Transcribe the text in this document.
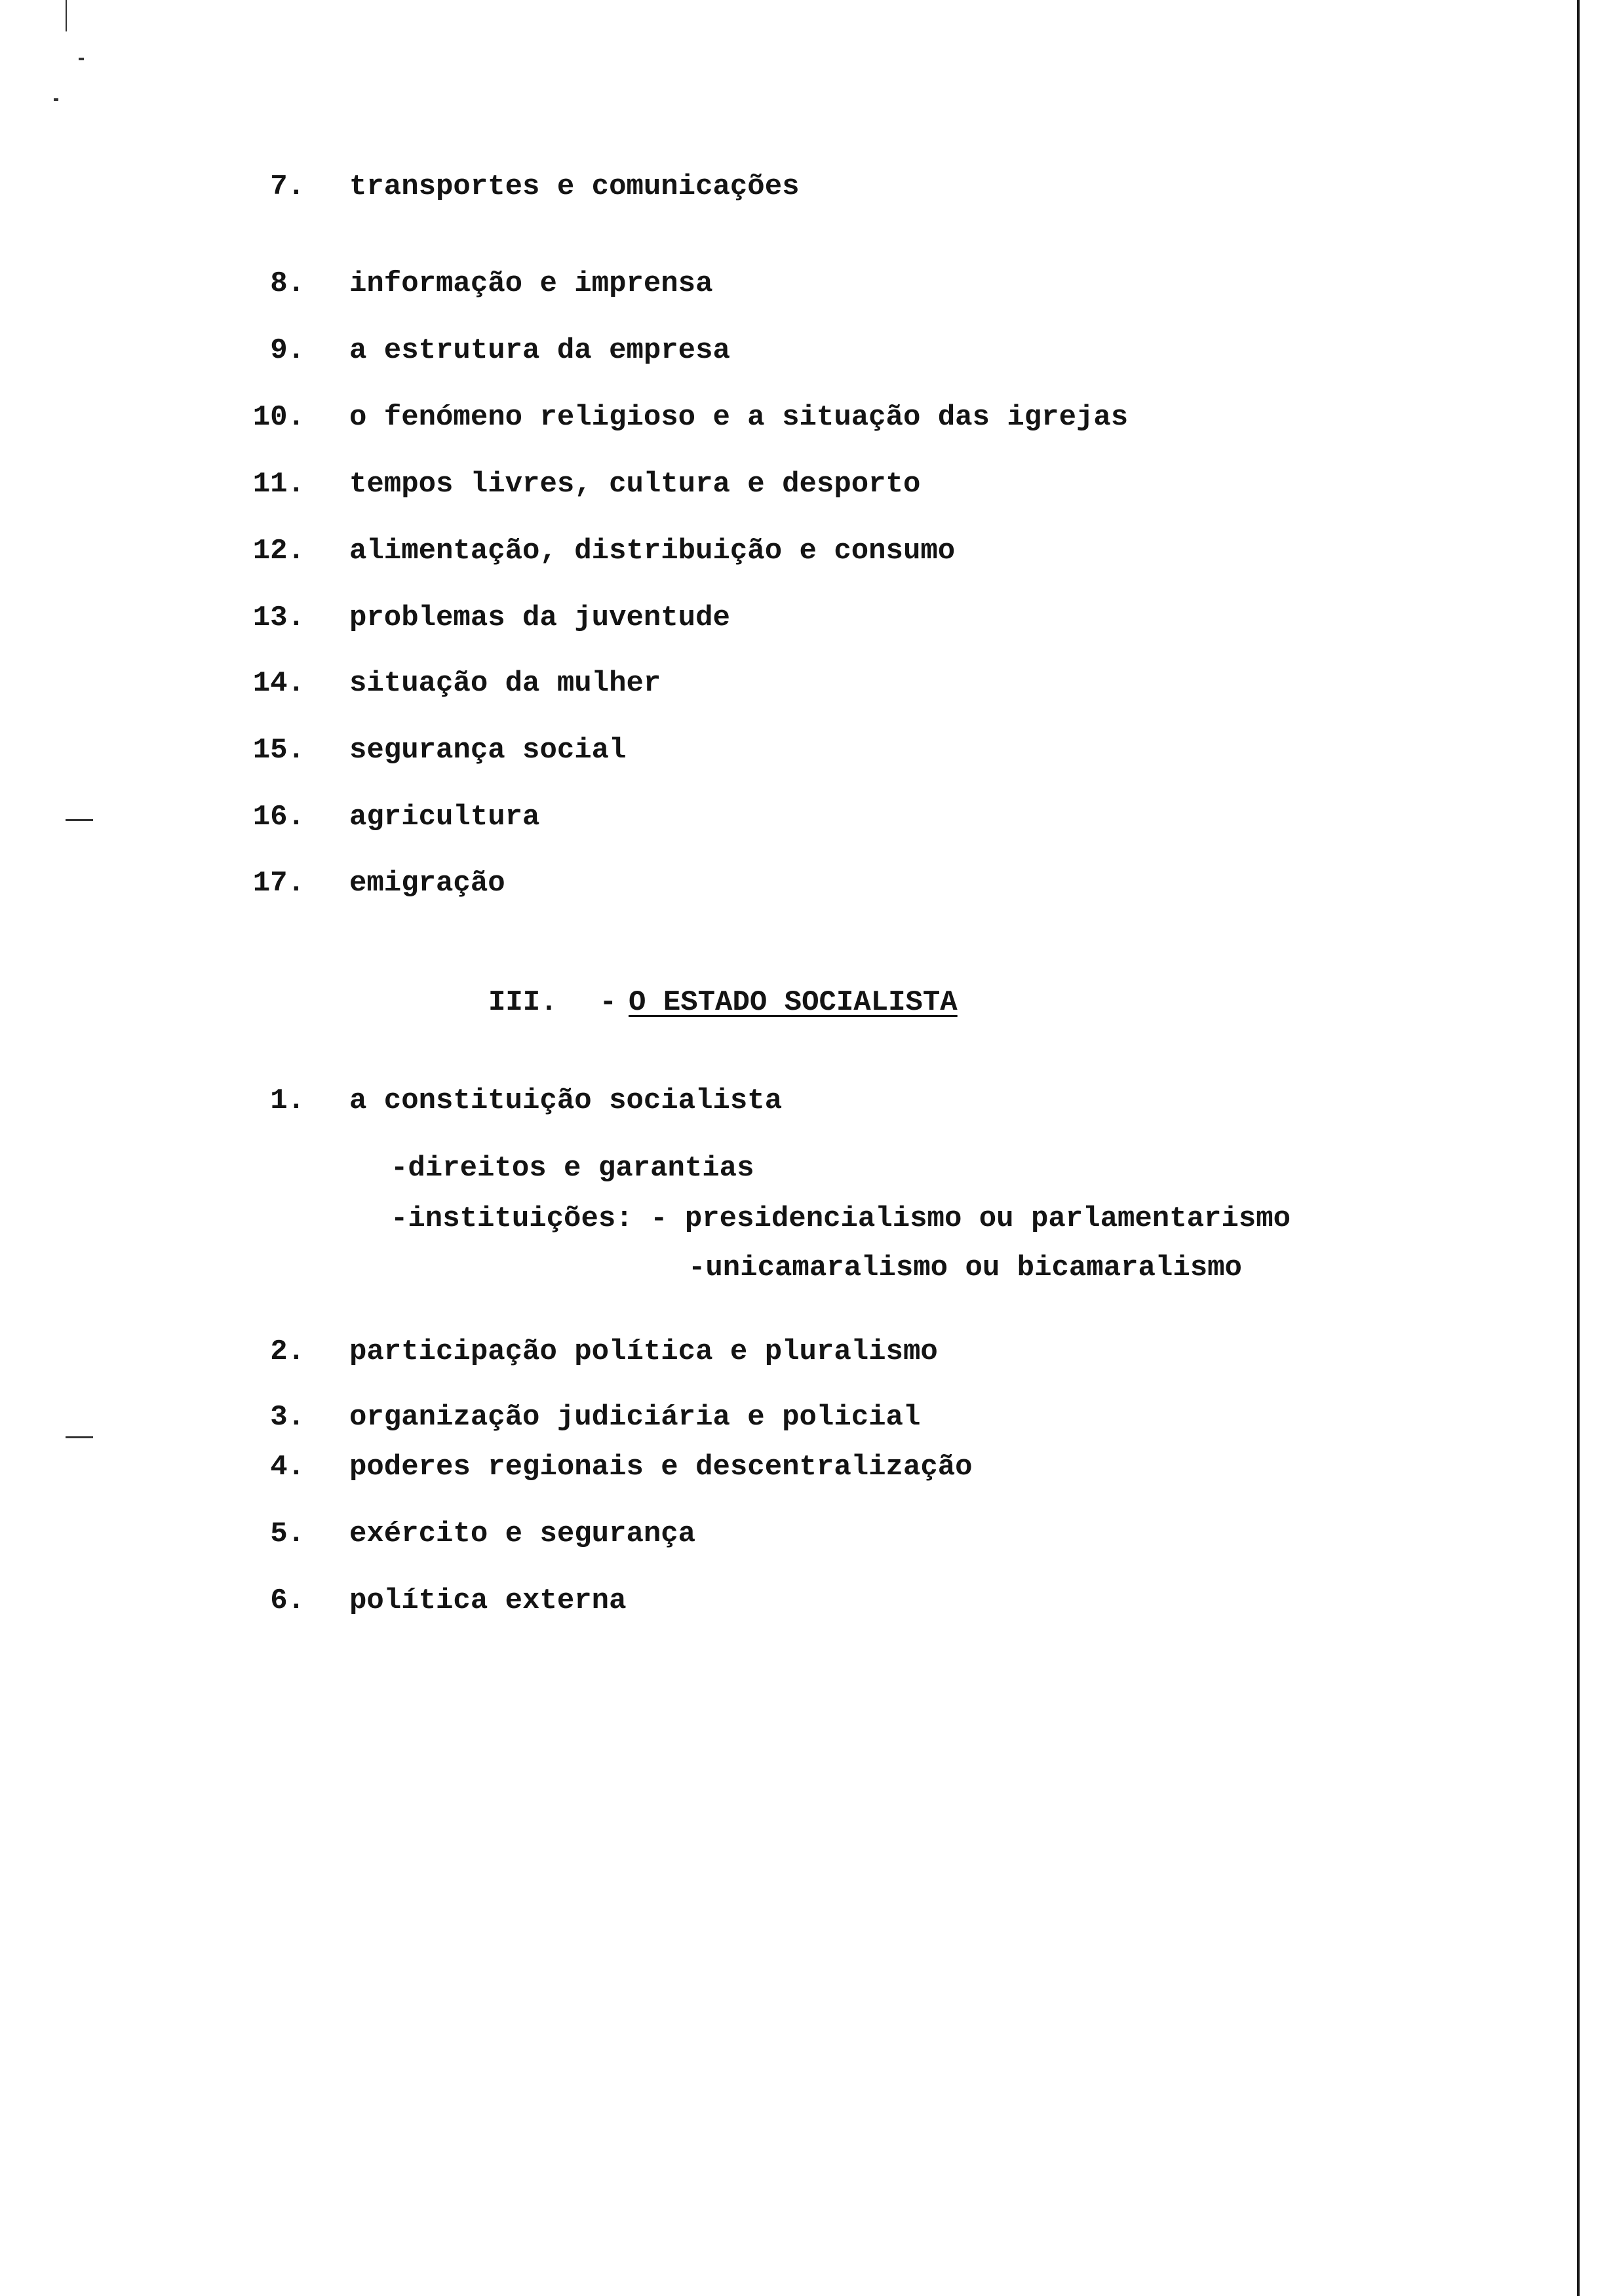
7. transportes e comunicações
8. informação e imprensa
9. a estrutura da empresa
10. o fenómeno religioso e a situação das igrejas
11. tempos livres, cultura e desporto
12. alimentação, distribuição e consumo
13. problemas da juventude
14. situação da mulher
15. segurança social
16. agricultura
17. emigração
III. - O ESTADO SOCIALISTA
1. a constituição socialista
-direitos e garantias
-instituições: - presidencialismo ou parlamentarismo
-unicamaralismo ou bicamaralismo
2. participação política e pluralismo
3. organização judiciária e policial
4. poderes regionais e descentralização
5. exército e segurança
6. política externa
